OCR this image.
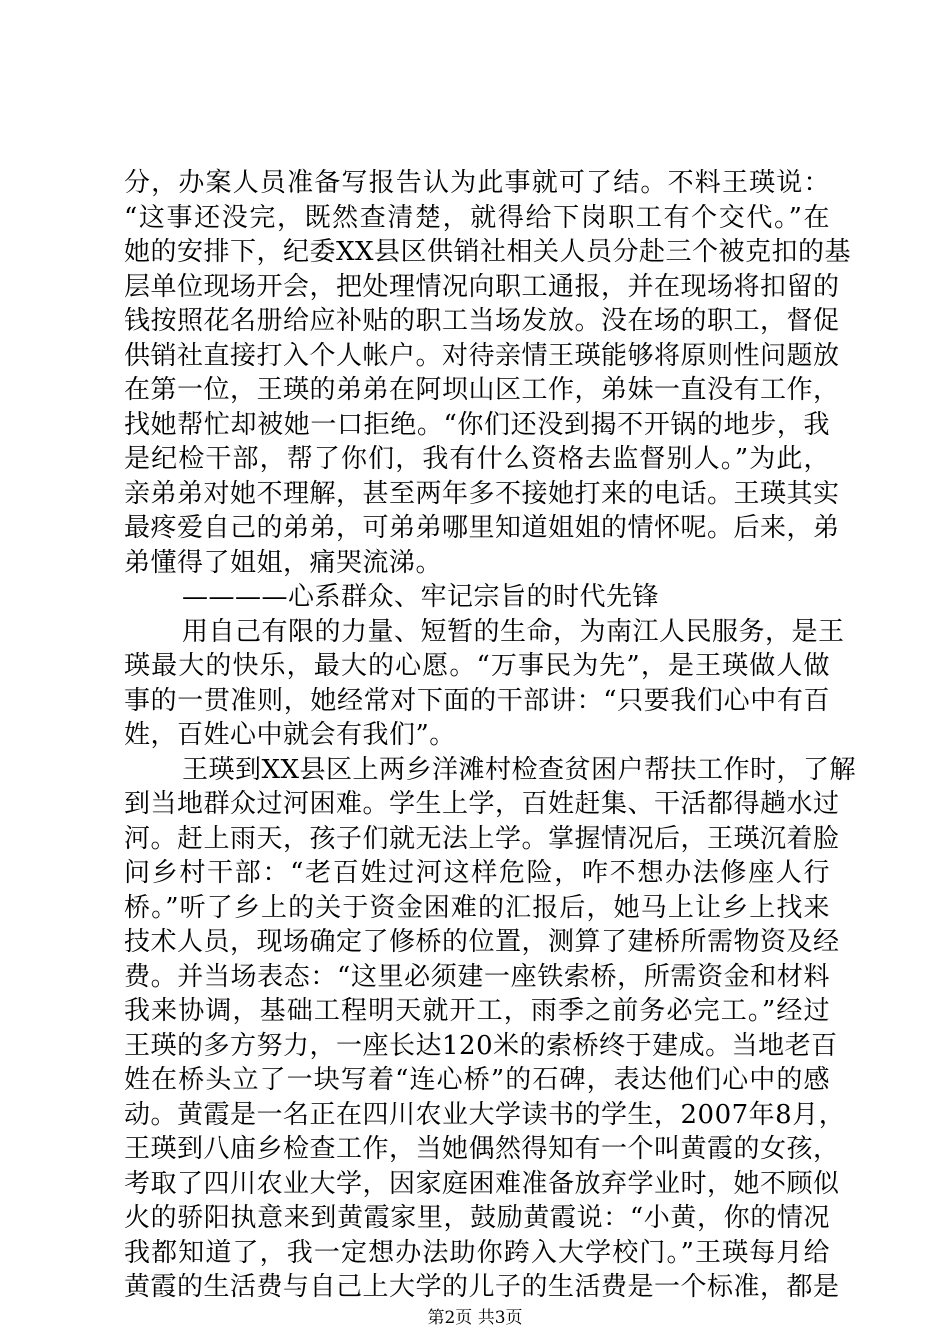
分，办案人员准备写报告认为此事就可了结。不料王瑛说：
“这事还没完，既然查清楚，就得给下岗职工有个交代。”在
她的安排下，纪委XX县区供销社相关人员分赴三个被克扣的基
层单位现场开会，把处理情况向职工通报，并在现场将扣留的
钱按照花名册给应补贴的职工当场发放。没在场的职工，督促
供销社直接打入个人帐户。对待亲情王瑛能够将原则性问题放
在第一位，王瑛的弟弟在阿坝山区工作，弟妹一直没有工作，
找她帮忙却被她一口拒绝。“你们还没到揭不开锅的地步，我
是纪检干部，帮了你们，我有什么资格去监督别人。”为此，
亲弟弟对她不理解，甚至两年多不接她打来的电话。王瑛其实
最疼爱自己的弟弟，可弟弟哪里知道姐姐的情怀呢。后来，弟
弟懂得了姐姐，痛哭流涕。
————心系群众、牢记宗旨的时代先锋
用自己有限的力量、短暂的生命，为南江人民服务，是王
瑛最大的快乐，最大的心愿。“万事民为先”，是王瑛做人做
事的一贯准则，她经常对下面的干部讲：“只要我们心中有百
姓，百姓心中就会有我们”。
王瑛到XX县区上两乡洋滩村检查贫困户帮扶工作时，了解
到当地群众过河困难。学生上学，百姓赶集、干活都得趟水过
河。赶上雨天，孩子们就无法上学。掌握情况后，王瑛沉着脸
问乡村干部：“老百姓过河这样危险，咋不想办法修座人行
桥。”听了乡上的关于资金困难的汇报后，她马上让乡上找来
技术人员，现场确定了修桥的位置，测算了建桥所需物资及经
费。并当场表态：“这里必须建一座铁索桥，所需资金和材料
我来协调，基础工程明天就开工，雨季之前务必完工。”经过
王瑛的多方努力，一座长达120米的索桥终于建成。当地老百
姓在桥头立了一块写着“连心桥”的石碑，表达他们心中的感
动。黄霞是一名正在四川农业大学读书的学生，2007年8月，
王瑛到八庙乡检查工作，当她偶然得知有一个叫黄霞的女孩，
考取了四川农业大学，因家庭困难准备放弃学业时，她不顾似
火的骄阳执意来到黄霞家里，鼓励黄霞说：“小黄，你的情况
我都知道了，我一定想办法助你跨入大学校门。”王瑛每月给
黄霞的生活费与自己上大学的儿子的生活费是一个标准，都是
第2页 共3页
